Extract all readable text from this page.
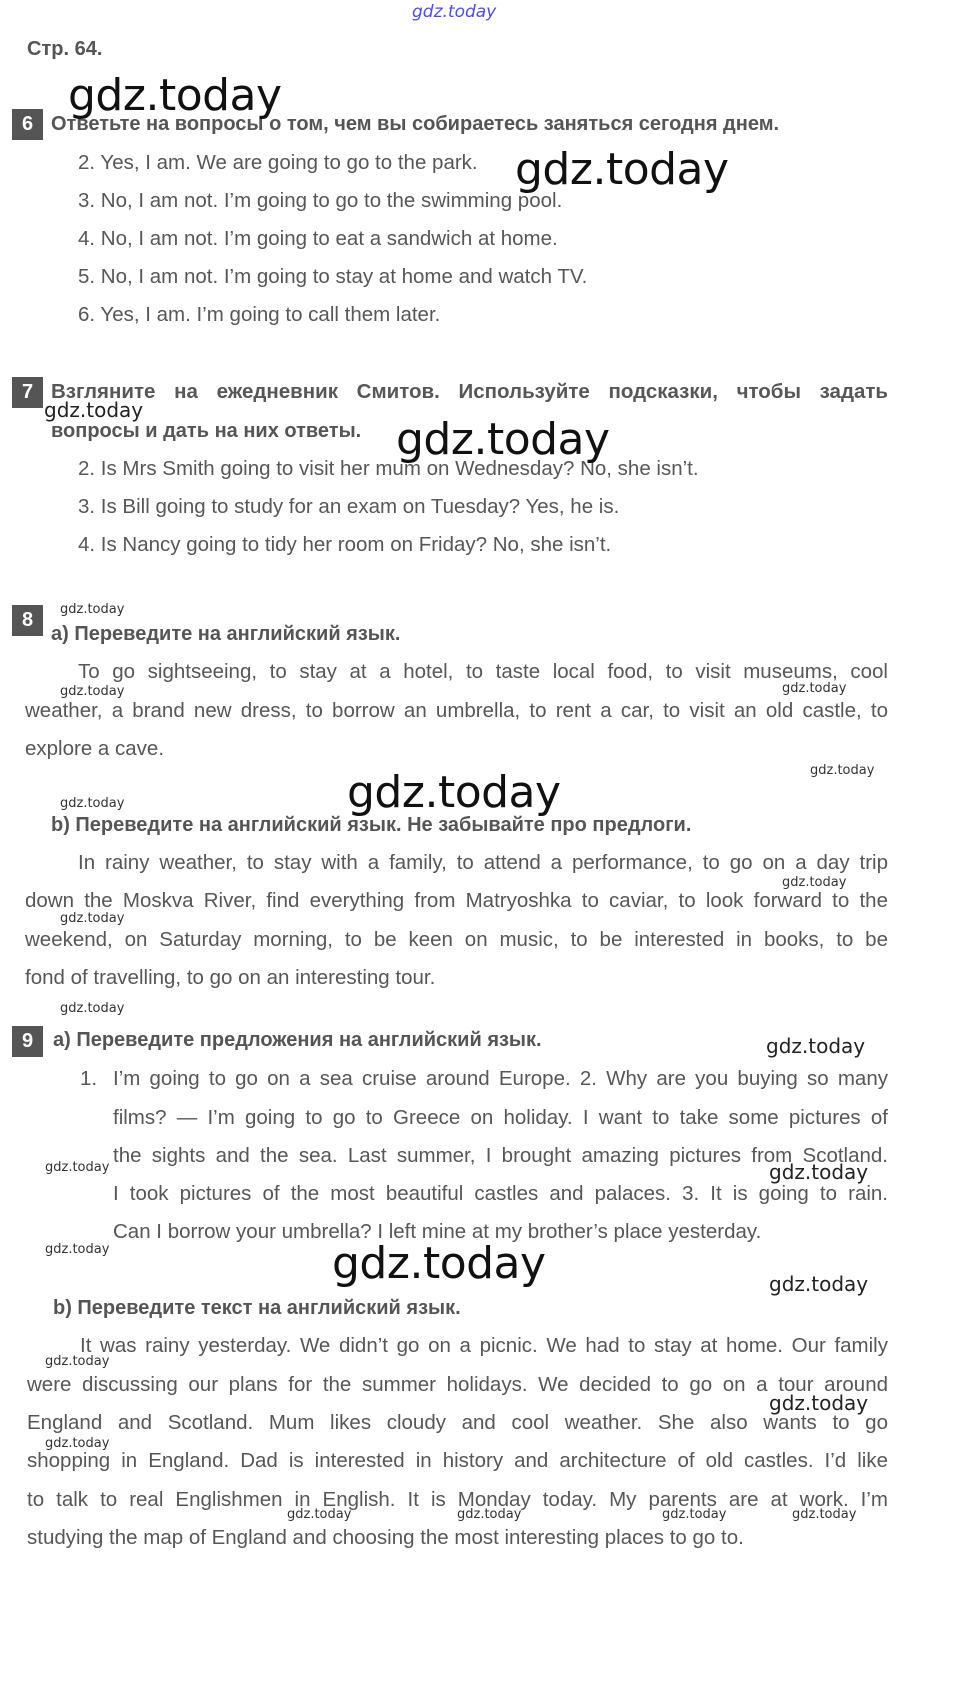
gdz.today
Стр. 64.
6 Ответьте на вопросы о том, чем вы собираетесь заняться сегодня днем.
2. Yes, I am. We are going to go to the park.
3. No, I am not. I’m going to go to the swimming pool.
4. No, I am not. I’m going to eat a sandwich at home.
5. No, I am not. I’m going to stay at home and watch TV.
6. Yes, I am. I’m going to call them later.
7 Взгляните на ежедневник Смитов. Используйте подсказки, чтобы задать
вопросы и дать на них ответы.
2. Is Mrs Smith going to visit her mum on Wednesday? No, she isn’t.
3. Is Bill going to study for an exam on Tuesday? Yes, he is.
4. Is Nancy going to tidy her room on Friday? No, she isn’t.
8
a) Переведите на английский язык.
To go sightseeing, to stay at a hotel, to taste local food, to visit museums, cool
weather, a brand new dress, to borrow an umbrella, to rent a car, to visit an old castle, to
explore a cave.
b) Переведите на английский язык. Не забывайте про предлоги.
In rainy weather, to stay with a family, to attend a performance, to go on a day trip
down the Moskva River, find everything from Matryoshka to caviar, to look forward to the
weekend, on Saturday morning, to be keen on music, to be interested in books, to be
fond of travelling, to go on an interesting tour.
9 a) Переведите предложения на английский язык.
1. I’m going to go on a sea cruise around Europe. 2. Why are you buying so many
films? — I’m going to go to Greece on holiday. I want to take some pictures of
the sights and the sea. Last summer, I brought amazing pictures from Scotland.
I took pictures of the most beautiful castles and palaces. 3. It is going to rain.
Can I borrow your umbrella? I left mine at my brother’s place yesterday.
b) Переведите текст на английский язык.
It was rainy yesterday. We didn’t go on a picnic. We had to stay at home. Our family
were discussing our plans for the summer holidays. We decided to go on a tour around
England and Scotland. Mum likes cloudy and cool weather. She also wants to go
shopping in England. Dad is interested in history and architecture of old castles. I’d like
to talk to real Englishmen in English. It is Monday today. My parents are at work. I’m
studying the map of England and choosing the most interesting places to go to.
gdz.today
gdz.today
gdz.today
gdz.today
gdz.today
gdz.today
gdz.today
gdz.today
gdz.today
gdz.today
gdz.today
gdz.today	gdz.today
gdz.today
gdz.today
gdz.today
gdz.today
gdz.today
gdz.today
gdz.today
gdz.today
gdz.today
gdz.today	gdz.today	gdz.today	gdz.today
